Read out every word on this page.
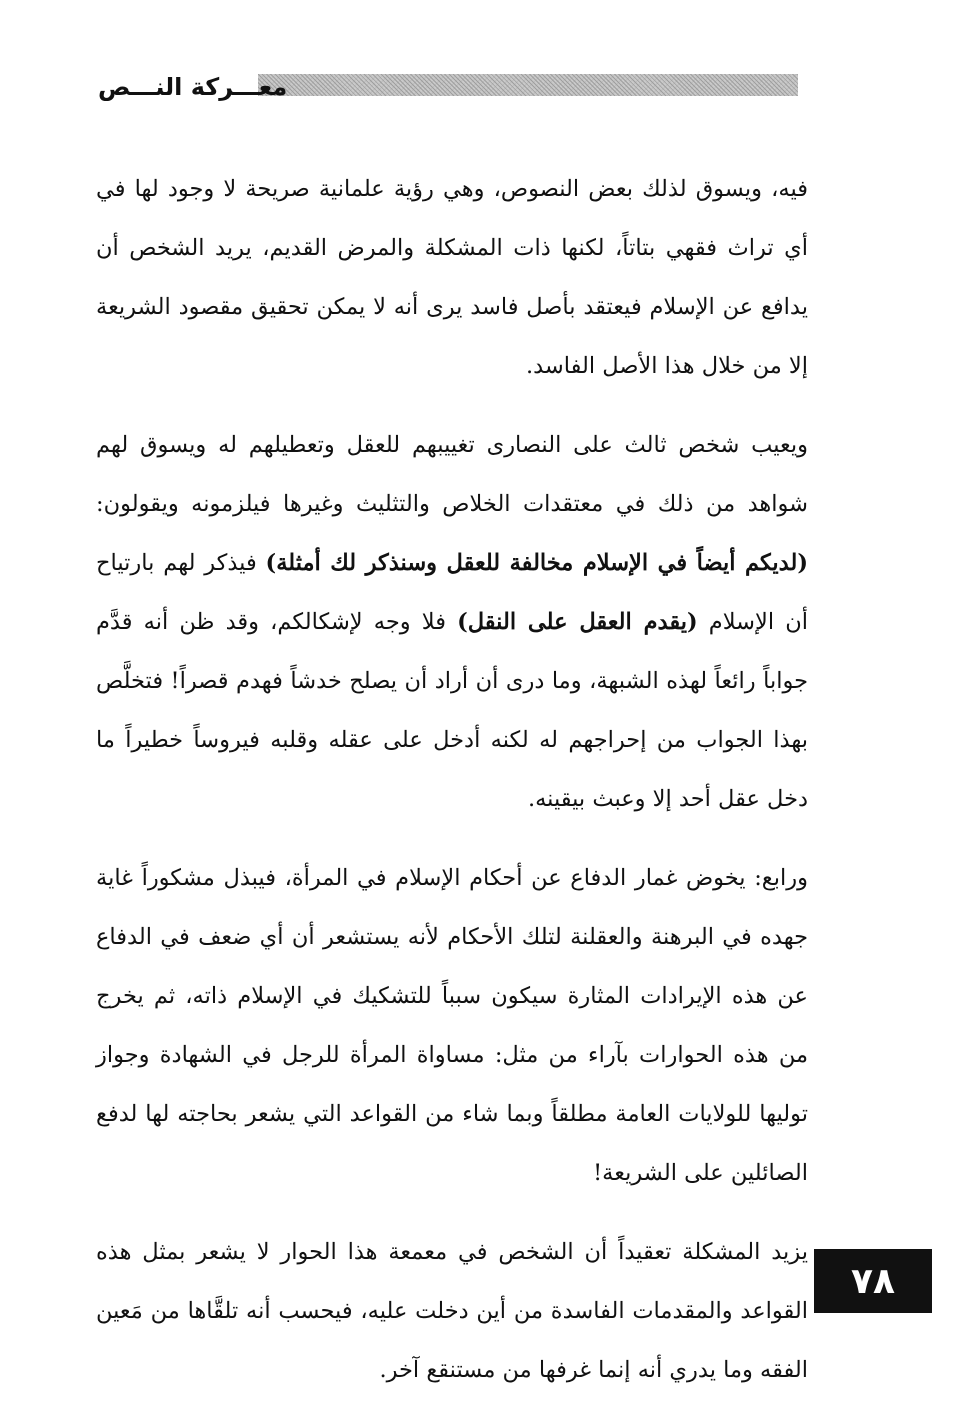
معـــركة النـــص

فيه، ويسوق لذلك بعض النصوص، وهي رؤية علمانية صريحة لا وجود لها في أي تراث فقهي بتاتاً، لكنها ذات المشكلة والمرض القديم، يريد الشخص أن يدافع عن الإسلام فيعتقد بأصل فاسد يرى أنه لا يمكن تحقيق مقصود الشريعة إلا من خلال هذا الأصل الفاسد.

ويعيب شخص ثالث على النصارى تغييبهم للعقل وتعطيلهم له ويسوق لهم شواهد من ذلك في معتقدات الخلاص والتثليث وغيرها فيلزمونه ويقولون: (لديكم أيضاً في الإسلام مخالفة للعقل وسنذكر لك أمثلة) فيذكر لهم بارتياح أن الإسلام (يقدم العقل على النقل) فلا وجه لإشكالكم، وقد ظن أنه قدَّم جواباً رائعاً لهذه الشبهة، وما درى أن أراد أن يصلح خدشاً فهدم قصراً! فتخلَّص بهذا الجواب من إحراجهم له لكنه أدخل على عقله وقلبه فيروساً خطيراً ما دخل عقل أحد إلا وعبث بيقينه.

ورابع: يخوض غمار الدفاع عن أحكام الإسلام في المرأة، فيبذل مشكوراً غاية جهده في البرهنة والعقلنة لتلك الأحكام لأنه يستشعر أن أي ضعف في الدفاع عن هذه الإيرادات المثارة سيكون سبباً للتشكيك في الإسلام ذاته، ثم يخرج من هذه الحوارات بآراء من مثل: مساواة المرأة للرجل في الشهادة وجواز توليها للولايات العامة مطلقاً وبما شاء من القواعد التي يشعر بحاجته لها لدفع الصائلين على الشريعة!

يزيد المشكلة تعقيداً أن الشخص في معمعة هذا الحوار لا يشعر بمثل هذه القواعد والمقدمات الفاسدة من أين دخلت عليه، فيحسب أنه تلقَّاها من مَعين الفقه وما يدري أنه إنما غرفها من مستنقع آخر.

٧٨
